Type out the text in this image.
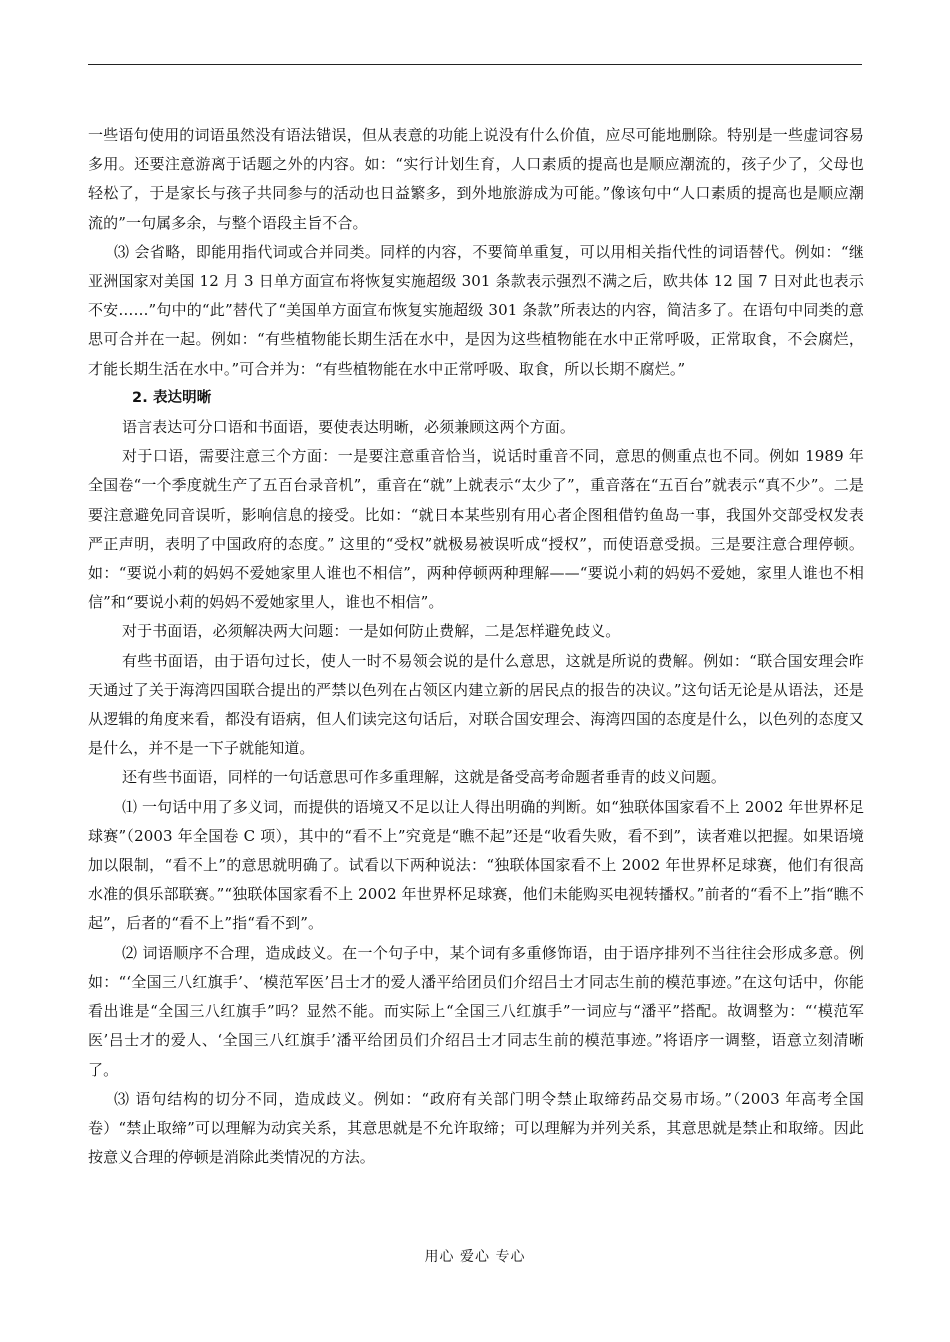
一些语句使用的词语虽然没有语法错误，但从表意的功能上说没有什么价值，应尽可能地删除。特别是一些虚词容易多用。还要注意游离于话题之外的内容。如：“实行计划生育，人口素质的提高也是顺应潮流的，孩子少了，父母也轻松了，于是家长与孩子共同参与的活动也日益繁多，到外地旅游成为可能。”像该句中“人口素质的提高也是顺应潮流的”一句属多余，与整个语段主旨不合。

⑶ 会省略，即能用指代词或合并同类。同样的内容，不要简单重复，可以用相关指代性的词语替代。例如：“继亚洲国家对美国 12 月 3 日单方面宣布将恢复实施超级 301 条款表示强烈不满之后，欧共体 12 国 7 日对此也表示不安……”句中的“此”替代了“美国单方面宣布恢复实施超级 301 条款”所表达的内容，简洁多了。在语句中同类的意思可合并在一起。例如：“有些植物能长期生活在水中，是因为这些植物能在水中正常呼吸，正常取食，不会腐烂，才能长期生活在水中。”可合并为：“有些植物能在水中正常呼吸、取食，所以长期不腐烂。”

2. 表达明晰

语言表达可分口语和书面语，要使表达明晰，必须兼顾这两个方面。

对于口语，需要注意三个方面：一是要注意重音恰当，说话时重音不同，意思的侧重点也不同。例如 1989 年全国卷“一个季度就生产了五百台录音机”，重音在“就”上就表示“太少了”，重音落在“五百台”就表示“真不少”。二是要注意避免同音误听，影响信息的接受。比如：“就日本某些别有用心者企图租借钓鱼岛一事，我国外交部受权发表严正声明，表明了中国政府的态度。” 这里的“受权”就极易被误听成“授权”，而使语意受损。三是要注意合理停顿。如：“要说小莉的妈妈不爱她家里人谁也不相信”，两种停顿两种理解——“要说小莉的妈妈不爱她，家里人谁也不相信”和“要说小莉的妈妈不爱她家里人，谁也不相信”。

对于书面语，必须解决两大问题：一是如何防止费解，二是怎样避免歧义。

有些书面语，由于语句过长，使人一时不易领会说的是什么意思，这就是所说的费解。例如：“联合国安理会昨天通过了关于海湾四国联合提出的严禁以色列在占领区内建立新的居民点的报告的决议。”这句话无论是从语法，还是从逻辑的角度来看，都没有语病，但人们读完这句话后，对联合国安理会、海湾四国的态度是什么，以色列的态度又是什么，并不是一下子就能知道。

还有些书面语，同样的一句话意思可作多重理解，这就是备受高考命题者垂青的歧义问题。

⑴ 一句话中用了多义词，而提供的语境又不足以让人得出明确的判断。如“独联体国家看不上 2002 年世界杯足球赛”（2003 年全国卷 C 项），其中的“看不上”究竟是“瞧不起”还是“收看失败，看不到”，读者难以把握。如果语境加以限制，“看不上”的意思就明确了。试看以下两种说法：“独联体国家看不上 2002 年世界杯足球赛，他们有很高水准的俱乐部联赛。”“独联体国家看不上 2002 年世界杯足球赛，他们未能购买电视转播权。”前者的“看不上”指“瞧不起”，后者的“看不上”指“看不到”。

⑵ 词语顺序不合理，造成歧义。在一个句子中，某个词有多重修饰语，由于语序排列不当往往会形成多意。例如：“‘全国三八红旗手’、‘模范军医’吕士才的爱人潘平给团员们介绍吕士才同志生前的模范事迹。”在这句话中，你能看出谁是“全国三八红旗手”吗？显然不能。而实际上“全国三八红旗手”一词应与“潘平”搭配。故调整为：“‘模范军医’吕士才的爱人、‘全国三八红旗手’潘平给团员们介绍吕士才同志生前的模范事迹。”将语序一调整，语意立刻清晰了。

⑶ 语句结构的切分不同，造成歧义。例如：“政府有关部门明令禁止取缔药品交易市场。”（2003 年高考全国卷）“禁止取缔”可以理解为动宾关系，其意思就是不允许取缔；可以理解为并列关系，其意思就是禁止和取缔。因此按意义合理的停顿是消除此类情况的方法。

用心 爱心 专心
